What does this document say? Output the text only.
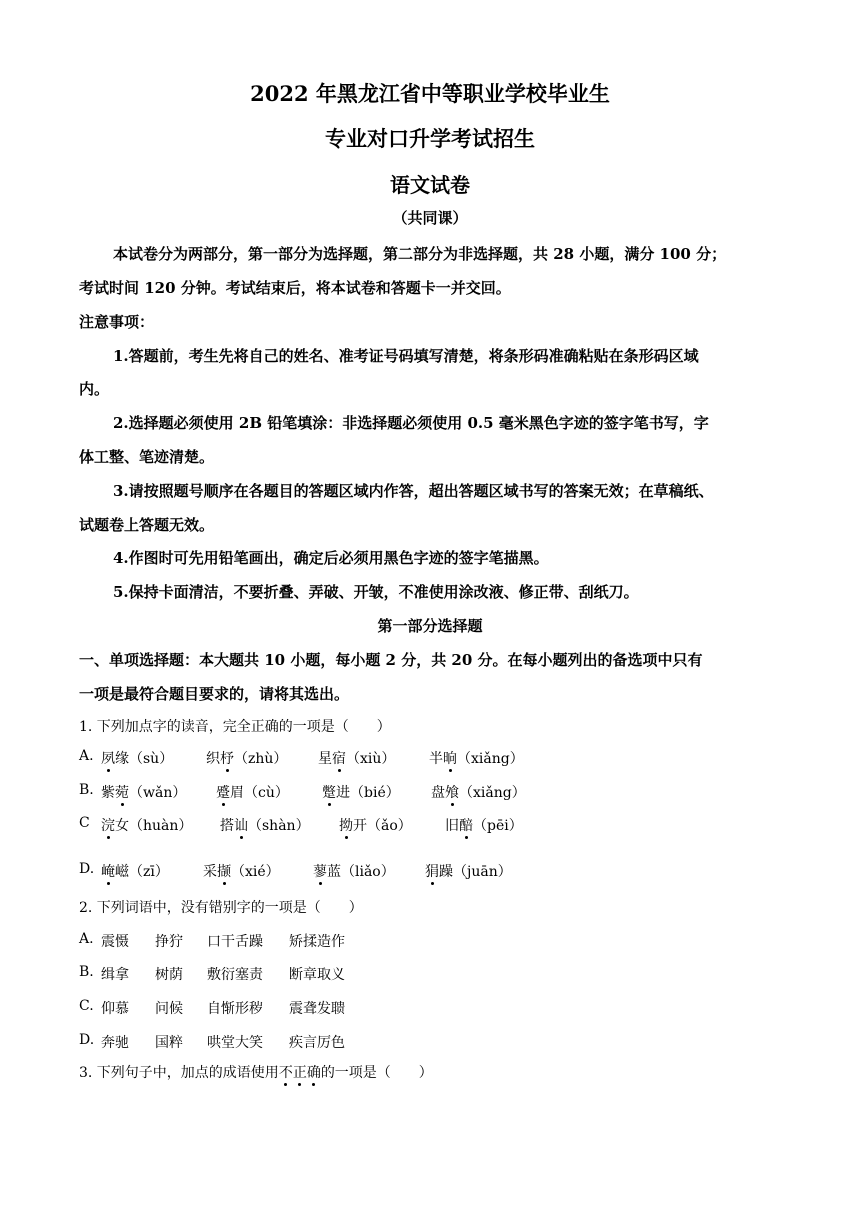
2022 年黑龙江省中等职业学校毕业生
专业对口升学考试招生
语文试卷
（共同课）
本试卷分为两部分，第一部分为选择题，第二部分为非选择题，共 28 小题，满分 100 分；
考试时间 120 分钟。考试结束后，将本试卷和答题卡一并交回。
注意事项：
1.答题前，考生先将自己的姓名、准考证号码填写清楚，将条形码准确粘贴在条形码区域
内。
2.选择题必须使用 2B 铅笔填涂：非选择题必须使用 0.5 毫米黑色字迹的签字笔书写，字
体工整、笔迹清楚。
3.请按照题号顺序在各题目的答题区域内作答，超出答题区域书写的答案无效；在草稿纸、
试题卷上答题无效。
4.作图时可先用铅笔画出，确定后必须用黑色字迹的签字笔描黑。
5.保持卡面清洁，不要折叠、弄破、开皱，不准使用涂改液、修正带、刮纸刀。
第一部分选择题
一、单项选择题：本大题共 10 小题，每小题 2 分，共 20 分。在每小题列出的备选项中只有
一项是最符合题目要求的，请将其选出。
1. 下列加点字的读音，完全正确的一项是（　　）
A. 夙缘（sù） 织杼（zhù） 星宿（xiù） 半晌（xiǎng）
B. 紫菀（wǎn） 蹙眉（cù） 蹩进（bié） 盘飧（xiǎng）
C 浣女（huàn） 搭讪（shàn） 拗开（ǎo） 旧醅（pēi）
D. 崦嵫（zī） 采撷（xié） 蓼蓝（liǎo） 狷躁（juān）
2. 下列词语中，没有错别字的一项是（　　）
A. 震慑 挣狞 口干舌躁 矫揉造作
B. 缉拿 树荫 敷衍塞责 断章取义
C. 仰慕 问候 自惭形秽 震聋发聩
D. 奔驰 国粹 哄堂大笑 疾言厉色
3. 下列句子中，加点的成语使用不正确的一项是（　　）
